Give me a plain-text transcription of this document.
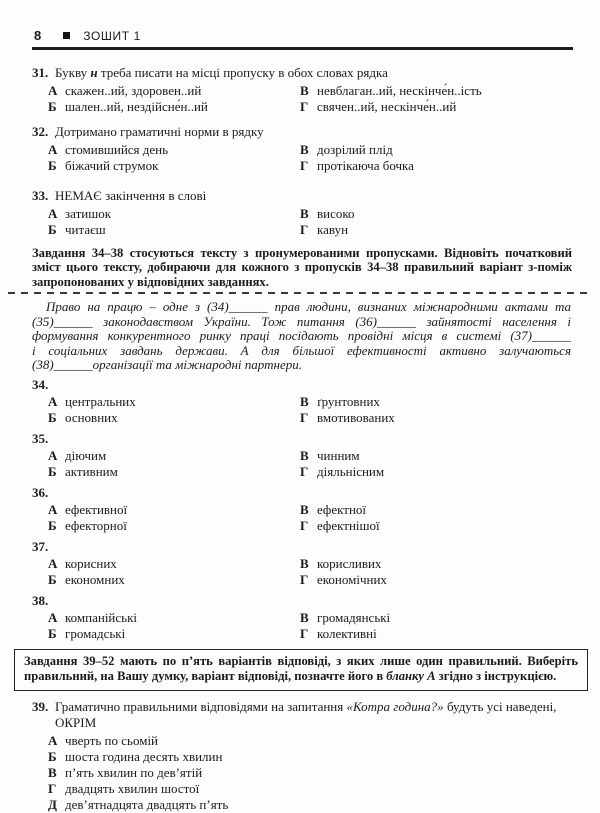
8	ЗОШИТ 1
31. Букву н треба писати на місці пропуску в обох словах рядка
А скажен..ий, здоровен..ий	В невблаган..ий, нескінче́н..ість
Б шален..ий, нездійсне́н..ий	Г свячен..ий, нескінче́н..ий
32. Дотримано граматичні норми в рядку
А стомившийся день	В дозрілий плід
Б біжачий струмок	Г протікаюча бочка
33. НЕМАЄ закінчення в слові
А затишок	В високо
Б читаєш	Г кавун
Завдання 34–38 стосуються тексту з пронумерованими пропусками. Відновіть початковий зміст цього тексту, добираючи для кожного з пропусків 34–38 правильний варіант з-поміж запропонованих у відповідних завданнях.
Право на працю – одне з (34)______ прав людини, визнаних міжнародними актами та
(35)______ законодавством України. Тож питання (36)______ зайнятості населення і
формування конкурентного ринку праці посідають провідні місця в системі (37)______
і соціальних завдань держави. А для більшої ефективності активно залучаються
(38)______організації та міжнародні партнери.
34.
А центральних	В ґрунтовних
Б основних	Г вмотивованих
35.
А діючим	В чинним
Б активним	Г діяльнісним
36.
А ефективної	В ефектної
Б ефекторної	Г ефектнішої
37.
А корисних	В корисливих
Б економних	Г економічних
38.
А компанійські	В громадянські
Б громадські	Г колективні
Завдання 39–52 мають по п’ять варіантів відповіді, з яких лише один правильний. Виберіть правильний, на Вашу думку, варіант відповіді, позначте його в бланку А згідно з інструкцією.
39. Граматично правильними відповідями на запитання «Котра година?» будуть усі наведені, ОКРІМ
А чверть по сьомій
Б шоста година десять хвилин
В п’ять хвилин по дев’ятій
Г двадцять хвилин шостої
Д дев’ятнадцята двадцять п’ять
